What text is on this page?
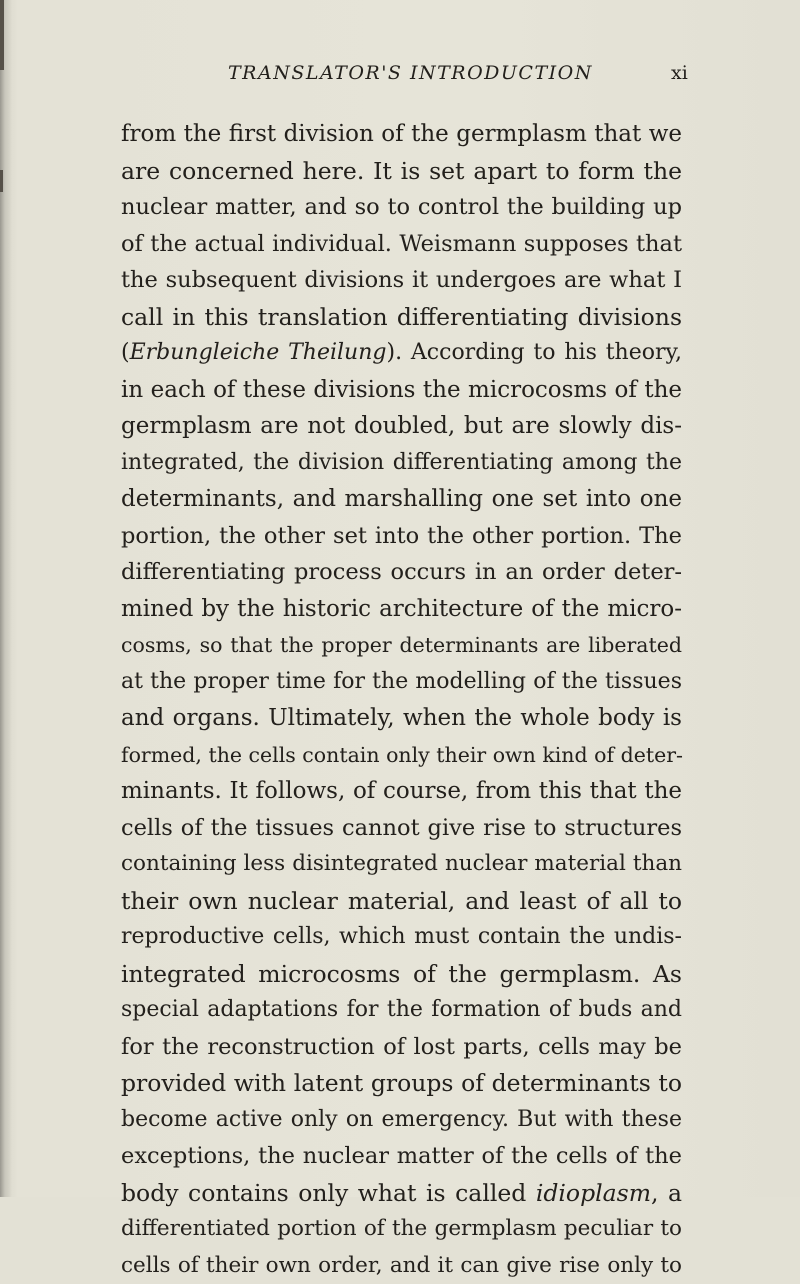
TRANSLATOR'S INTRODUCTION	xi
from the first division of the germplasm that we
are concerned here. It is set apart to form the
nuclear matter, and so to control the building up
of the actual individual. Weismann supposes that
the subsequent divisions it undergoes are what I
call in this translation differentiating divisions
(Erbungleiche Theilung). According to his theory,
in each of these divisions the microcosms of the
germplasm are not doubled, but are slowly dis-
integrated, the division differentiating among the
determinants, and marshalling one set into one
portion, the other set into the other portion. The
differentiating process occurs in an order deter-
mined by the historic architecture of the micro-
cosms, so that the proper determinants are liberated
at the proper time for the modelling of the tissues
and organs. Ultimately, when the whole body is
formed, the cells contain only their own kind of deter-
minants. It follows, of course, from this that the
cells of the tissues cannot give rise to structures
containing less disintegrated nuclear material than
their own nuclear material, and least of all to
reproductive cells, which must contain the undis-
integrated microcosms of the germplasm. As
special adaptations for the formation of buds and
for the reconstruction of lost parts, cells may be
provided with latent groups of determinants to
become active only on emergency. But with these
exceptions, the nuclear matter of the cells of the
body contains only what is called idioplasm, a
differentiated portion of the germplasm peculiar to
cells of their own order, and it can give rise only to
